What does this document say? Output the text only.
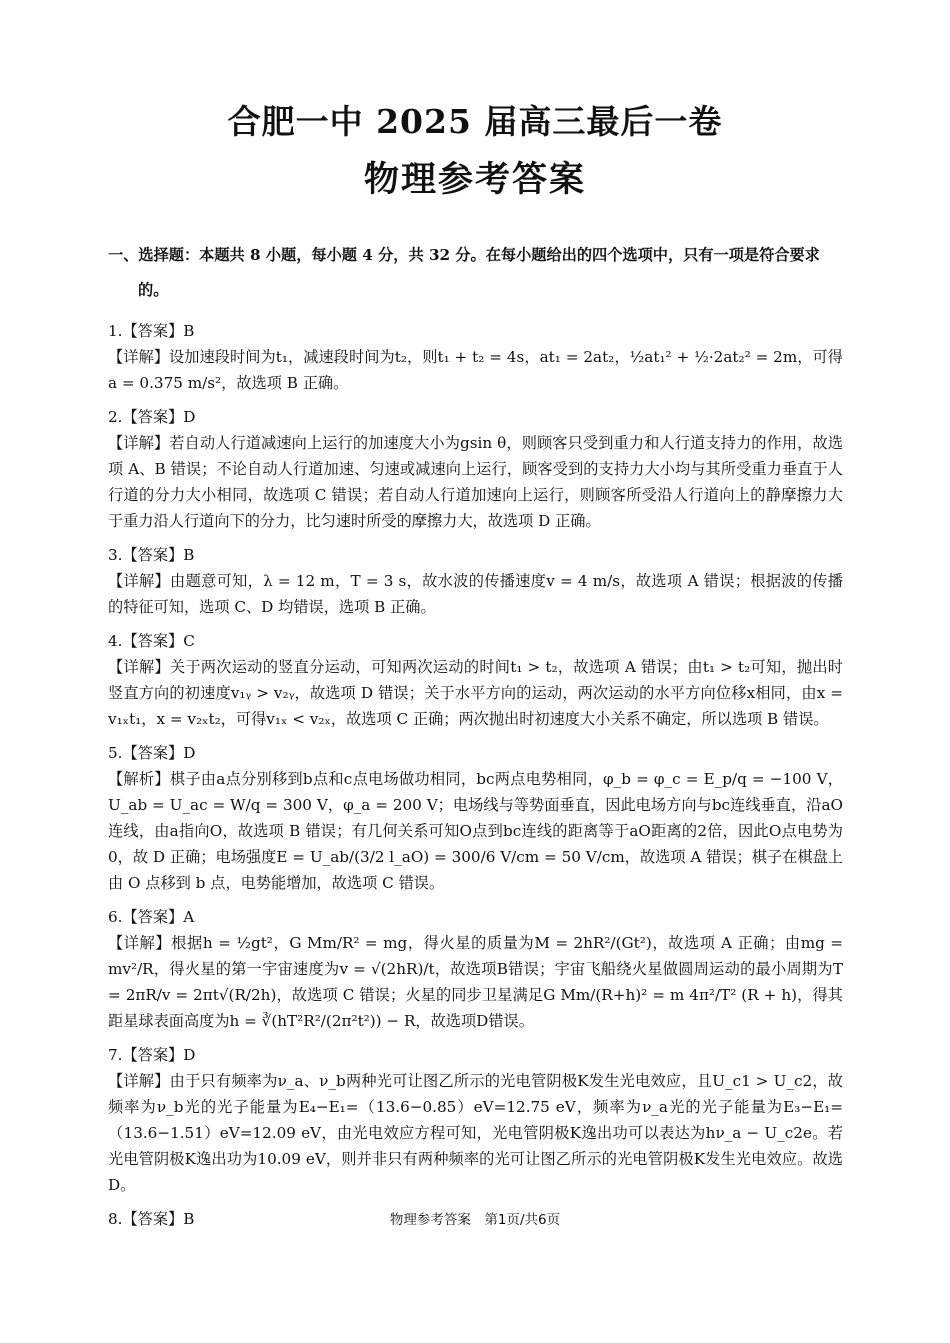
合肥一中 2025 届高三最后一卷
物理参考答案
一、选择题：本题共 8 小题，每小题 4 分，共 32 分。在每小题给出的四个选项中，只有一项是符合要求的。
1.【答案】B
【详解】设加速段时间为t₁，减速段时间为t₂，则t₁ + t₂ = 4s，at₁ = 2at₂，½at₁² + ½·2at₂² = 2m，可得a = 0.375 m/s²，故选项 B 正确。
2.【答案】D
【详解】若自动人行道减速向上运行的加速度大小为gsin θ，则顾客只受到重力和人行道支持力的作用，故选项 A、B 错误；不论自动人行道加速、匀速或减速向上运行，顾客受到的支持力大小均与其所受重力垂直于人行道的分力大小相同，故选项 C 错误；若自动人行道加速向上运行，则顾客所受沿人行道向上的静摩擦力大于重力沿人行道向下的分力，比匀速时所受的摩擦力大，故选项 D 正确。
3.【答案】B
【详解】由题意可知，λ = 12 m，T = 3 s，故水波的传播速度v = 4 m/s，故选项 A 错误；根据波的传播的特征可知，选项 C、D 均错误，选项 B 正确。
4.【答案】C
【详解】关于两次运动的竖直分运动，可知两次运动的时间t₁ > t₂，故选项 A 错误；由t₁ > t₂可知，抛出时竖直方向的初速度v₁ᵧ > v₂ᵧ，故选项 D 错误；关于水平方向的运动，两次运动的水平方向位移x相同，由x = v₁ₓt₁，x = v₂ₓt₂，可得v₁ₓ < v₂ₓ，故选项 C 正确；两次抛出时初速度大小关系不确定，所以选项 B 错误。
5.【答案】D
【解析】棋子由a点分别移到b点和c点电场做功相同，bc两点电势相同，φ_b = φ_c = E_p/q = −100 V，U_ab = U_ac = W/q = 300 V，φ_a = 200 V；电场线与等势面垂直，因此电场方向与bc连线垂直，沿aO连线，由a指向O，故选项 B 错误；有几何关系可知O点到bc连线的距离等于aO距离的2倍，因此O点电势为0，故 D 正确；电场强度E = U_ab/(3/2 l_aO) = 300/6 V/cm = 50 V/cm，故选项 A 错误；棋子在棋盘上由 O 点移到 b 点，电势能增加，故选项 C 错误。
6.【答案】A
【详解】根据h = ½gt²，G Mm/R² = mg，得火星的质量为M = 2hR²/(Gt²)，故选项 A 正确；由mg = mv²/R，得火星的第一宇宙速度为v = √(2hR)/t，故选项B错误；宇宙飞船绕火星做圆周运动的最小周期为T = 2πR/v = 2πt√(R/2h)，故选项 C 错误；火星的同步卫星满足G Mm/(R+h)² = m 4π²/T² (R + h)，得其距星球表面高度为h = ∛(hT²R²/(2π²t²)) − R，故选项D错误。
7.【答案】D
【详解】由于只有频率为ν_a、ν_b两种光可让图乙所示的光电管阴极K发生光电效应，且U_c1 > U_c2，故频率为ν_b光的光子能量为E₄−E₁=（13.6−0.85）eV=12.75 eV，频率为ν_a光的光子能量为E₃−E₁=（13.6−1.51）eV=12.09 eV，由光电效应方程可知，光电管阴极K逸出功可以表达为hν_a − U_c2e。若光电管阴极K逸出功为10.09 eV，则并非只有两种频率的光可让图乙所示的光电管阴极K发生光电效应。故选 D。
8.【答案】B	物理参考答案　第1页/共6页
